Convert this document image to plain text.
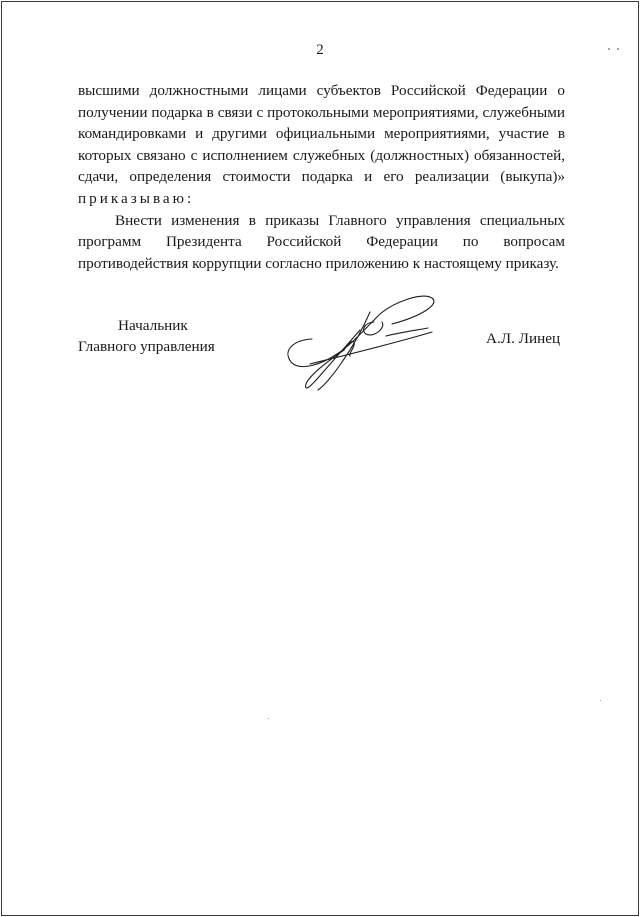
2

высшими должностными лицами субъектов Российской Федерации о получении подарка в связи с протокольными мероприятиями, служебными командировками и другими официальными мероприятиями, участие в которых связано с исполнением служебных (должностных) обязанностей, сдачи, определения стоимости подарка и его реализации (выкупа)» приказываю:

Внести изменения в приказы Главного управления специальных программ Президента Российской Федерации по вопросам противодействия коррупции согласно приложению к настоящему приказу.

Начальник
Главного управления	А.Л. Линец
